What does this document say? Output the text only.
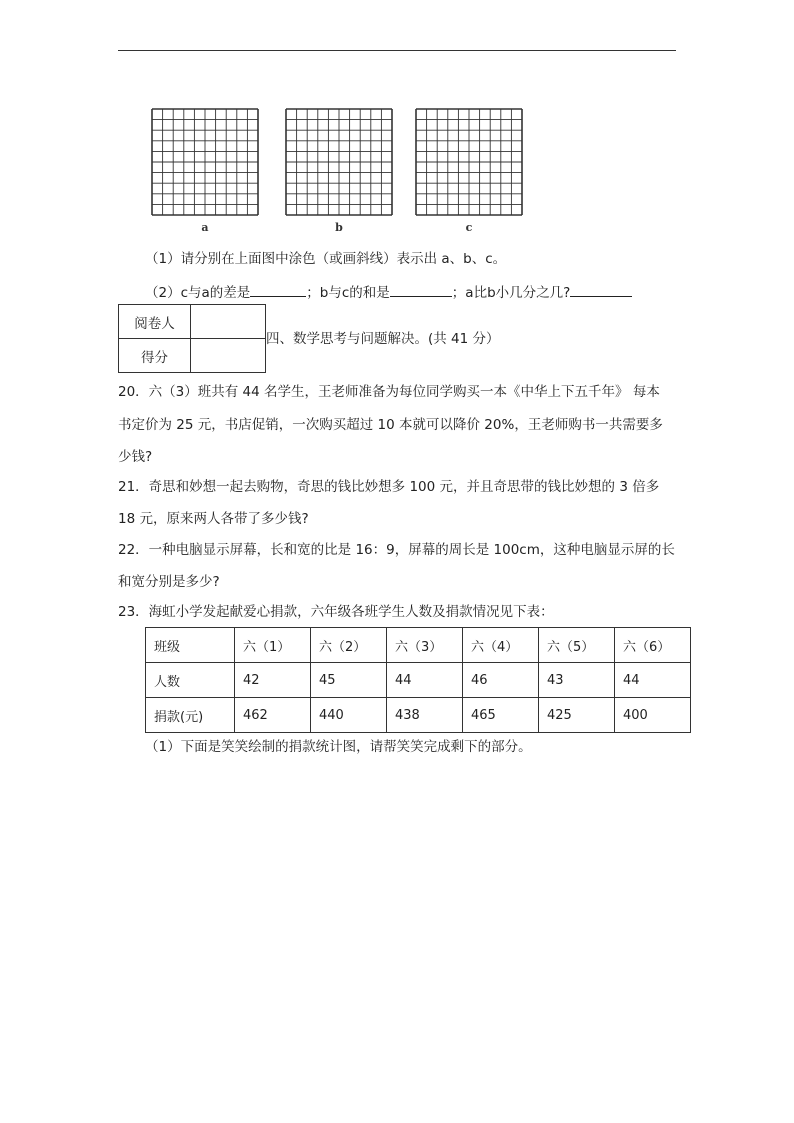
a	b	c
（1）请分别在上面图中涂色（或画斜线）表示出 a、b、c。
（2）c与a的差是	；b与c的和是	；a比b小几分之几?
阅卷人	
得分	
四、数学思考与问题解决。(共 41 分）
20．六（3）班共有 44 名学生，王老师准备为每位同学购买一本《中华上下五千年》 每本
书定价为 25 元，书店促销，一次购买超过 10 本就可以降价 20%，王老师购书一共需要多
少钱?
21．奇思和妙想一起去购物，奇思的钱比妙想多 100 元，并且奇思带的钱比妙想的 3 倍多
18 元，原来两人各带了多少钱?
22．一种电脑显示屏幕，长和宽的比是 16：9，屏幕的周长是 100cm，这种电脑显示屏的长
和宽分别是多少?
23．海虹小学发起献爱心捐款，六年级各班学生人数及捐款情况见下表：
班级	六（1）	六（2）	六（3）	六（4）	六（5）	六（6）
人数	42	45	44	46	43	44
捐款(元)	462	440	438	465	425	400
（1）下面是笑笑绘制的捐款统计图，请帮笑笑完成剩下的部分。
